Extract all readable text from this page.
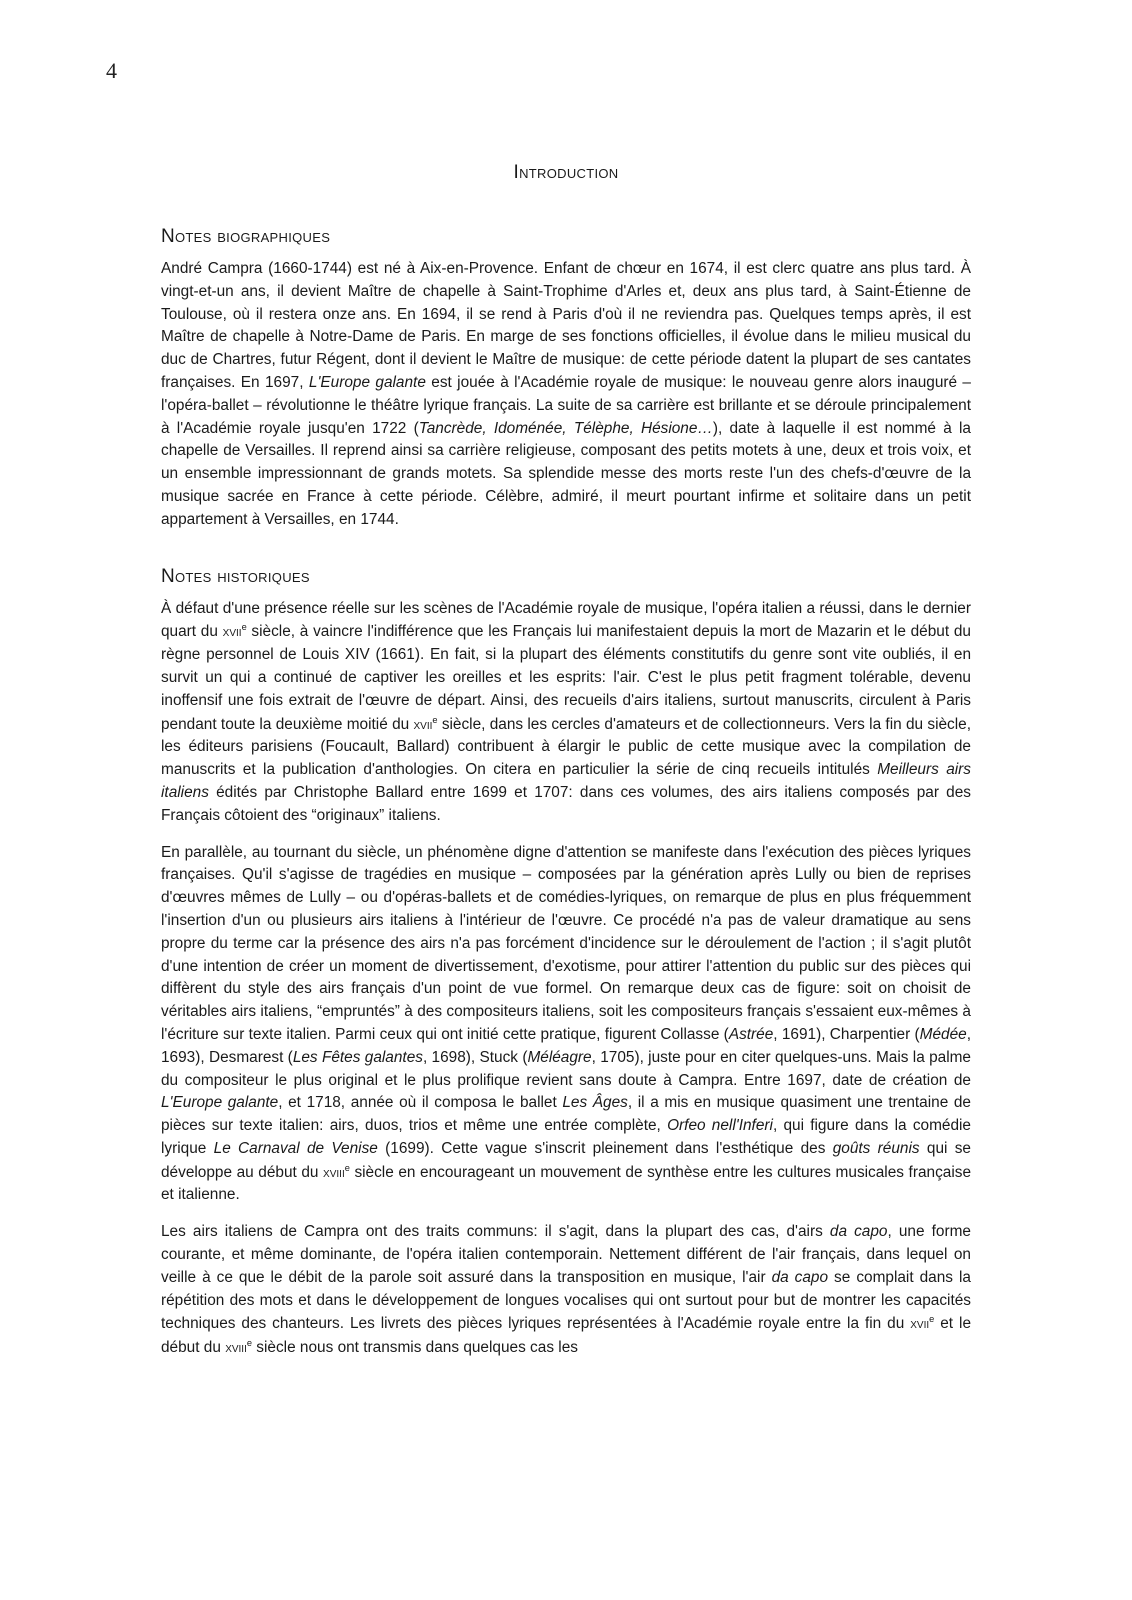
4
Introduction
Notes biographiques

André Campra (1660-1744) est né à Aix-en-Provence. Enfant de chœur en 1674, il est clerc quatre ans plus tard. À vingt-et-un ans, il devient Maître de chapelle à Saint-Trophime d'Arles et, deux ans plus tard, à Saint-Étienne de Toulouse, où il restera onze ans. En 1694, il se rend à Paris d'où il ne reviendra pas. Quelques temps après, il est Maître de chapelle à Notre-Dame de Paris. En marge de ses fonctions officielles, il évolue dans le milieu musical du duc de Chartres, futur Régent, dont il devient le Maître de musique: de cette période datent la plupart de ses cantates françaises. En 1697, L'Europe galante est jouée à l'Académie royale de musique: le nouveau genre alors inauguré – l'opéra-ballet – révolutionne le théâtre lyrique français. La suite de sa carrière est brillante et se déroule principalement à l'Académie royale jusqu'en 1722 (Tancrède, Idoménée, Télèphe, Hésione…), date à laquelle il est nommé à la chapelle de Versailles. Il reprend ainsi sa carrière religieuse, composant des petits motets à une, deux et trois voix, et un ensemble impressionnant de grands motets. Sa splendide messe des morts reste l'un des chefs-d'œuvre de la musique sacrée en France à cette période. Célèbre, admiré, il meurt pourtant infirme et solitaire dans un petit appartement à Versailles, en 1744.

Notes historiques

À défaut d'une présence réelle sur les scènes de l'Académie royale de musique, l'opéra italien a réussi, dans le dernier quart du xvii$^e$ siècle, à vaincre l'indifférence que les Français lui manifestaient depuis la mort de Mazarin et le début du règne personnel de Louis XIV (1661). En fait, si la plupart des éléments constitutifs du genre sont vite oubliés, il en survit un qui a continué de captiver les oreilles et les esprits: l'air. C'est le plus petit fragment tolérable, devenu inoffensif une fois extrait de l'œuvre de départ. Ainsi, des recueils d'airs italiens, surtout manuscrits, circulent à Paris pendant toute la deuxième moitié du xvii$^e$ siècle, dans les cercles d'amateurs et de collectionneurs. Vers la fin du siècle, les éditeurs parisiens (Foucault, Ballard) contribuent à élargir le public de cette musique avec la compilation de manuscrits et la publication d'anthologies. On citera en particulier la série de cinq recueils intitulés Meilleurs airs italiens édités par Christophe Ballard entre 1699 et 1707: dans ces volumes, des airs italiens composés par des Français côtoient des “originaux” italiens.

En parallèle, au tournant du siècle, un phénomène digne d'attention se manifeste dans l'exécution des pièces lyriques françaises. Qu'il s'agisse de tragédies en musique – composées par la génération après Lully ou bien de reprises d'œuvres mêmes de Lully – ou d'opéras-ballets et de comédies-lyriques, on remarque de plus en plus fréquemment l'insertion d'un ou plusieurs airs italiens à l'intérieur de l'œuvre. Ce procédé n'a pas de valeur dramatique au sens propre du terme car la présence des airs n'a pas forcément d'incidence sur le déroulement de l'action ; il s'agit plutôt d'une intention de créer un moment de divertissement, d'exotisme, pour attirer l'attention du public sur des pièces qui diffèrent du style des airs français d'un point de vue formel. On remarque deux cas de figure: soit on choisit de véritables airs italiens, “empruntés” à des compositeurs italiens, soit les compositeurs français s'essaient eux-mêmes à l'écriture sur texte italien. Parmi ceux qui ont initié cette pratique, figurent Collasse (Astrée, 1691), Charpentier (Médée, 1693), Desmarest (Les Fêtes galantes, 1698), Stuck (Méléagre, 1705), juste pour en citer quelques-uns. Mais la palme du compositeur le plus original et le plus prolifique revient sans doute à Campra. Entre 1697, date de création de L'Europe galante, et 1718, année où il composa le ballet Les Âges, il a mis en musique quasiment une trentaine de pièces sur texte italien: airs, duos, trios et même une entrée complète, Orfeo nell'Inferi, qui figure dans la comédie lyrique Le Carnaval de Venise (1699). Cette vague s'inscrit pleinement dans l'esthétique des goûts réunis qui se développe au début du xviii$^e$ siècle en encourageant un mouvement de synthèse entre les cultures musicales française et italienne.

Les airs italiens de Campra ont des traits communs: il s'agit, dans la plupart des cas, d'airs da capo, une forme courante, et même dominante, de l'opéra italien contemporain. Nettement différent de l'air français, dans lequel on veille à ce que le débit de la parole soit assuré dans la transposition en musique, l'air da capo se complait dans la répétition des mots et dans le développement de longues vocalises qui ont surtout pour but de montrer les capacités techniques des chanteurs. Les livrets des pièces lyriques représentées à l'Académie royale entre la fin du xvii$^e$ et le début du xviii$^e$ siècle nous ont transmis dans quelques cas les
